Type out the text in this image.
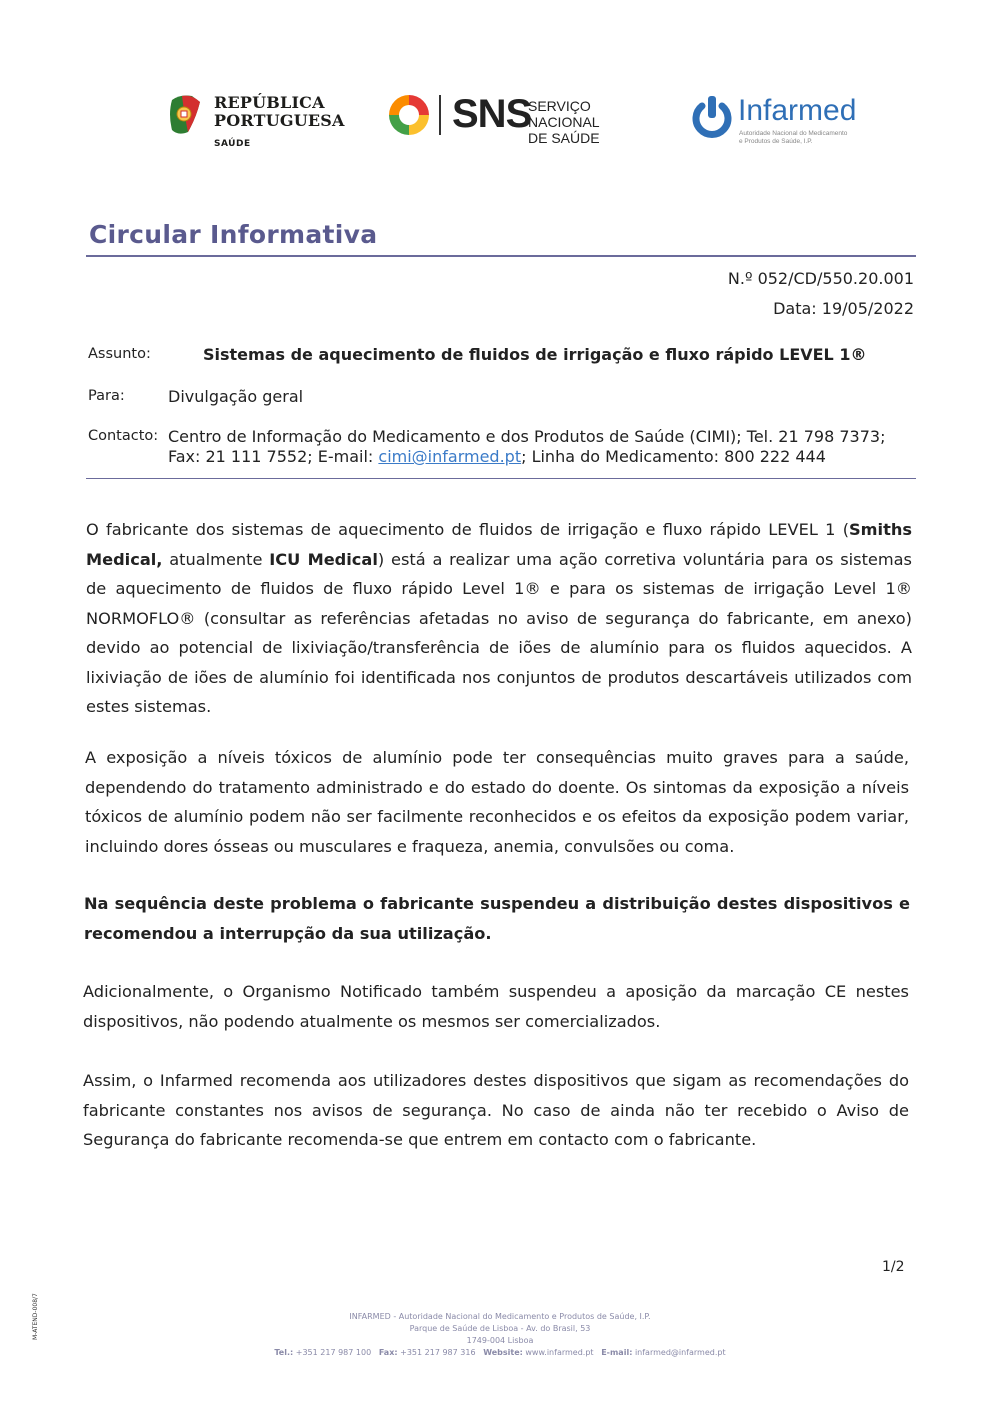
REPÚBLICA
PORTUGUESA
SAÚDE
SNS
SERVIÇO NACIONAL
DE SAÚDE
Infarmed
Autoridade Nacional do Medicamento
e Produtos de Saúde, I.P.
Circular Informativa
N.º 052/CD/550.20.001
Data: 19/05/2022
Assunto:	Sistemas de aquecimento de fluidos de irrigação e fluxo rápido LEVEL 1®
Para:	Divulgação geral
Contacto: Centro de Informação do Medicamento e dos Produtos de Saúde (CIMI); Tel. 21 798 7373; Fax: 21 111 7552; E-mail: cimi@infarmed.pt; Linha do Medicamento: 800 222 444
O fabricante dos sistemas de aquecimento de fluidos de irrigação e fluxo rápido LEVEL 1 (Smiths Medical, atualmente ICU Medical) está a realizar uma ação corretiva voluntária para os sistemas de aquecimento de fluidos de fluxo rápido Level 1® e para os sistemas de irrigação Level 1® NORMOFLO® (consultar as referências afetadas no aviso de segurança do fabricante, em anexo) devido ao potencial de lixiviação/transferência de iões de alumínio para os fluidos aquecidos. A lixiviação de iões de alumínio foi identificada nos conjuntos de produtos descartáveis utilizados com estes sistemas.
A exposição a níveis tóxicos de alumínio pode ter consequências muito graves para a saúde, dependendo do tratamento administrado e do estado do doente. Os sintomas da exposição a níveis tóxicos de alumínio podem não ser facilmente reconhecidos e os efeitos da exposição podem variar, incluindo dores ósseas ou musculares e fraqueza, anemia, convulsões ou coma.
Na sequência deste problema o fabricante suspendeu a distribuição destes dispositivos e recomendou a interrupção da sua utilização.
Adicionalmente, o Organismo Notificado também suspendeu a aposição da marcação CE nestes dispositivos, não podendo atualmente os mesmos ser comercializados.
Assim, o Infarmed recomenda aos utilizadores destes dispositivos que sigam as recomendações do fabricante constantes nos avisos de segurança. No caso de ainda não ter recebido o Aviso de Segurança do fabricante recomenda-se que entrem em contacto com o fabricante.
1/2
M-ATEND-008/7	INFARMED - Autoridade Nacional do Medicamento e Produtos de Saúde, I.P.
Parque de Saúde de Lisboa - Av. do Brasil, 53
1749-004 Lisboa
Tel.: +351 217 987 100 Fax: +351 217 987 316 Website: www.infarmed.pt E-mail: infarmed@infarmed.pt
